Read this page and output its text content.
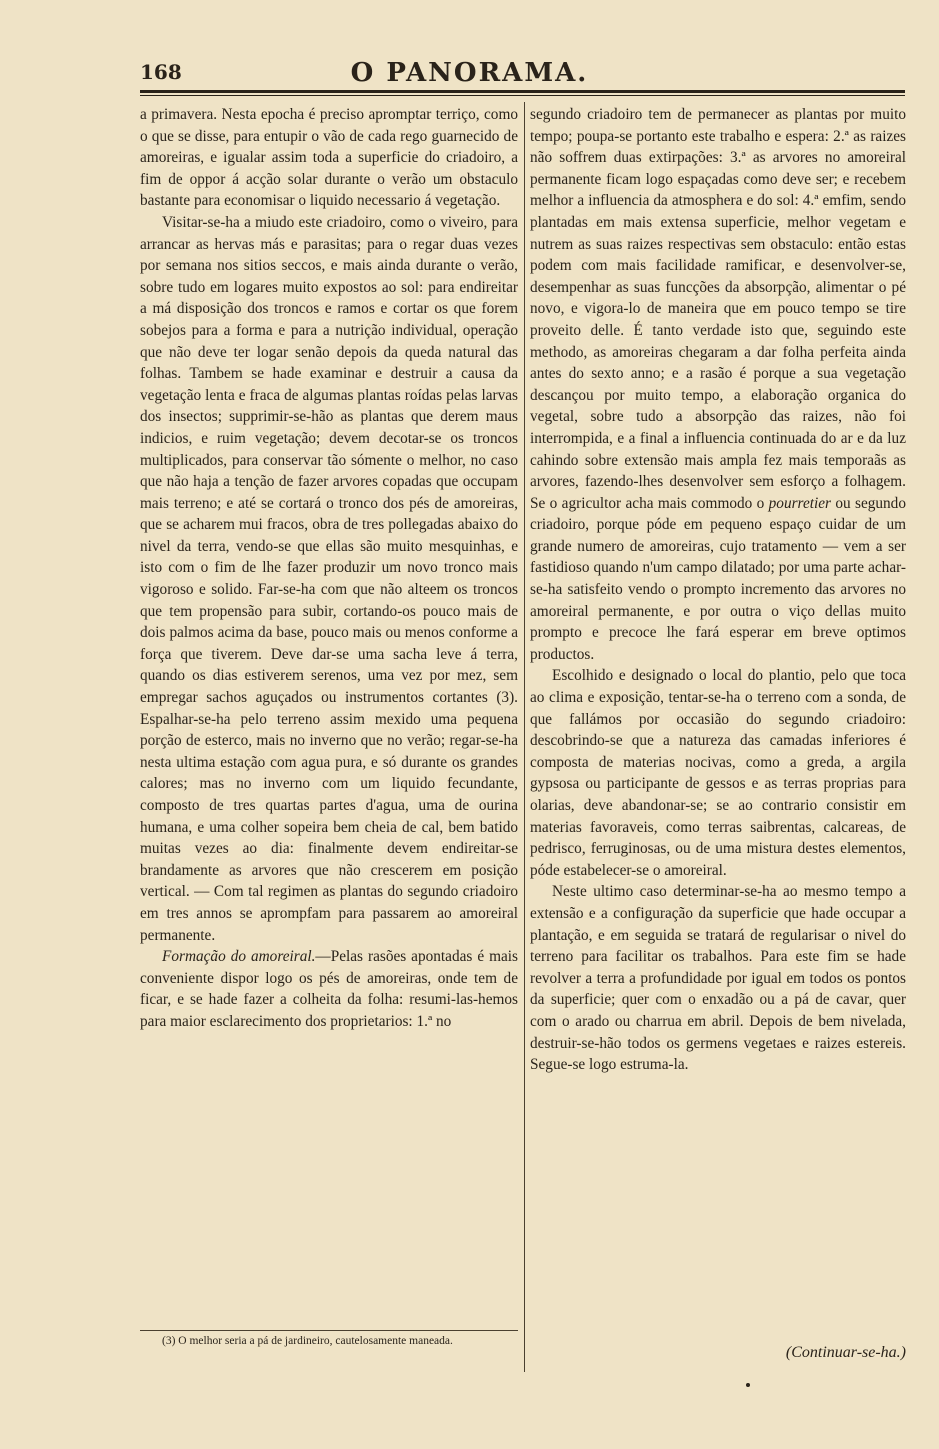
168	O PANORAMA.

a primavera. Nesta epocha é preciso apromptar terriço, como o que se disse, para entupir o vão de cada rego guarnecido de amoreiras, e igualar assim toda a superficie do criadoiro, a fim de oppor á acção solar durante o verão um obstaculo bastante para economisar o liquido necessario á vegetação.

Visitar-se-ha a miudo este criadoiro, como o viveiro, para arrancar as hervas más e parasitas; para o regar duas vezes por semana nos sitios seccos, e mais ainda durante o verão, sobre tudo em logares muito expostos ao sol: para endireitar a má disposição dos troncos e ramos e cortar os que forem sobejos para a forma e para a nutrição individual, operação que não deve ter logar senão depois da queda natural das folhas. Tambem se hade examinar e destruir a causa da vegetação lenta e fraca de algumas plantas roídas pelas larvas dos insectos; supprimir-se-hão as plantas que derem maus indicios, e ruim vegetação; devem decotar-se os troncos multiplicados, para conservar tão sómente o melhor, no caso que não haja a tenção de fazer arvores copadas que occupam mais terreno; e até se cortará o tronco dos pés de amoreiras, que se acharem mui fracos, obra de tres pollegadas abaixo do nivel da terra, vendo-se que ellas são muito mesquinhas, e isto com o fim de lhe fazer produzir um novo tronco mais vigoroso e solido. Far-se-ha com que não alteem os troncos que tem propensão para subir, cortando-os pouco mais de dois palmos acima da base, pouco mais ou menos conforme a força que tiverem. Deve dar-se uma sacha leve á terra, quando os dias estiverem serenos, uma vez por mez, sem empregar sachos aguçados ou instrumentos cortantes (3). Espalhar-se-ha pelo terreno assim mexido uma pequena porção de esterco, mais no inverno que no verão; regar-se-ha nesta ultima estação com agua pura, e só durante os grandes calores; mas no inverno com um liquido fecundante, composto de tres quartas partes d'agua, uma de ourina humana, e uma colher sopeira bem cheia de cal, bem batido muitas vezes ao dia: finalmente devem endireitar-se brandamente as arvores que não crescerem em posição vertical. — Com tal regimen as plantas do segundo criadoiro em tres annos se aprompfam para passarem ao amoreiral permanente.

Formação do amoreiral.—Pelas rasões apontadas é mais conveniente dispor logo os pés de amoreiras, onde tem de ficar, e se hade fazer a colheita da folha: resumi-las-hemos para maior esclarecimento dos proprietarios: 1.ª no

segundo criadoiro tem de permanecer as plantas por muito tempo; poupa-se portanto este trabalho e espera: 2.ª as raizes não soffrem duas extirpações: 3.ª as arvores no amoreiral permanente ficam logo espaçadas como deve ser; e recebem melhor a influencia da atmosphera e do sol: 4.ª emfim, sendo plantadas em mais extensa superficie, melhor vegetam e nutrem as suas raizes respectivas sem obstaculo: então estas podem com mais facilidade ramificar, e desenvolver-se, desempenhar as suas funcções da absorpção, alimentar o pé novo, e vigora-lo de maneira que em pouco tempo se tire proveito delle. É tanto verdade isto que, seguindo este methodo, as amoreiras chegaram a dar folha perfeita ainda antes do sexto anno; e a rasão é porque a sua vegetação descançou por muito tempo, a elaboração organica do vegetal, sobre tudo a absorpção das raizes, não foi interrompida, e a final a influencia continuada do ar e da luz cahindo sobre extensão mais ampla fez mais temporaãs as arvores, fazendo-lhes desenvolver sem esforço a folhagem. Se o agricultor acha mais commodo o pourretier ou segundo criadoiro, porque póde em pequeno espaço cuidar de um grande numero de amoreiras, cujo tratamento — vem a ser fastidioso quando n'um campo dilatado; por uma parte achar-se-ha satisfeito vendo o prompto incremento das arvores no amoreiral permanente, e por outra o viço dellas muito prompto e precoce lhe fará esperar em breve optimos productos.

Escolhido e designado o local do plantio, pelo que toca ao clima e exposição, tentar-se-ha o terreno com a sonda, de que fallámos por occasião do segundo criadoiro: descobrindo-se que a natureza das camadas inferiores é composta de materias nocivas, como a greda, a argila gypsosa ou participante de gessos e as terras proprias para olarias, deve abandonar-se; se ao contrario consistir em materias favoraveis, como terras saibrentas, calcareas, de pedrisco, ferruginosas, ou de uma mistura destes elementos, póde estabelecer-se o amoreiral.

Neste ultimo caso determinar-se-ha ao mesmo tempo a extensão e a configuração da superficie que hade occupar a plantação, e em seguida se tratará de regularisar o nivel do terreno para facilitar os trabalhos. Para este fim se hade revolver a terra a profundidade por igual em todos os pontos da superficie; quer com o enxadão ou a pá de cavar, quer com o arado ou charrua em abril. Depois de bem nivelada, destruir-se-hão todos os germens vegetaes e raizes estereis. Segue-se logo estruma-la.

(Continuar-se-ha.)
(3) O melhor seria a pá de jardineiro, cautelosamente maneada.
